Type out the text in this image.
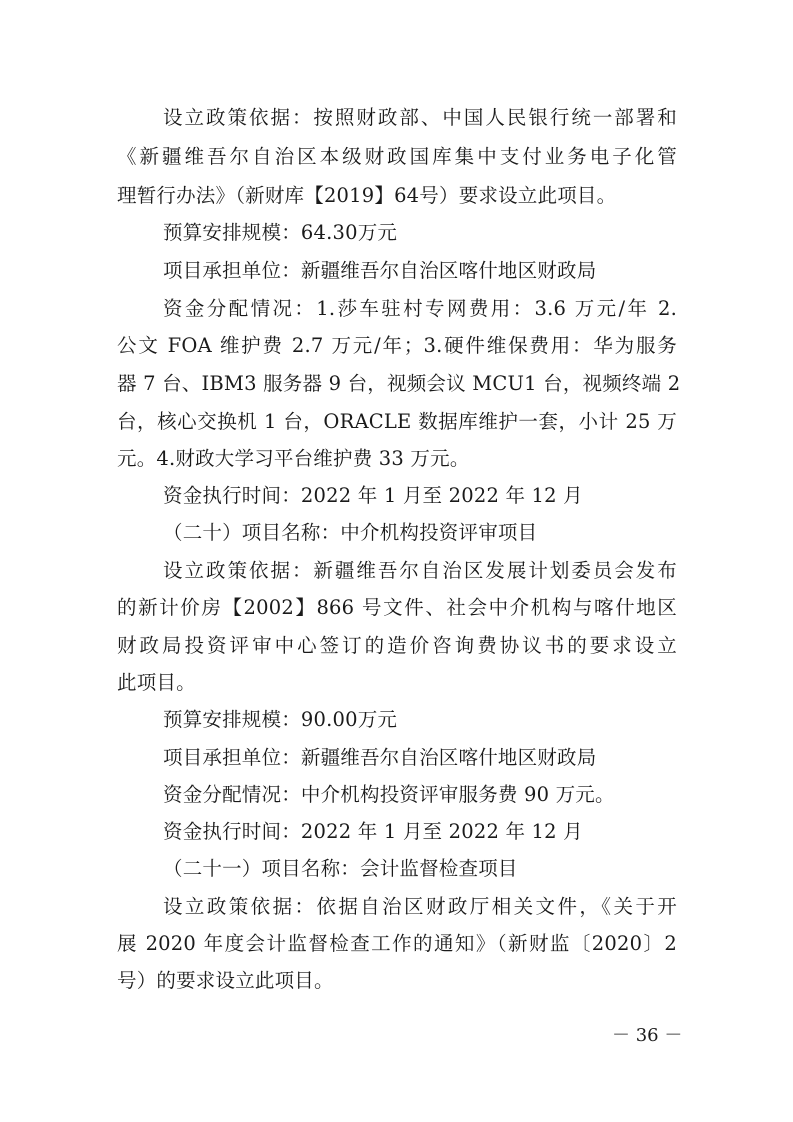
设立政策依据：按照财政部、中国人民银行统一部署和
《新疆维吾尔自治区本级财政国库集中支付业务电子化管
理暂行办法》（新财库【2019】64号）要求设立此项目。
预算安排规模：64.30万元
项目承担单位：新疆维吾尔自治区喀什地区财政局
资金分配情况：1.莎车驻村专网费用：3.6 万元/年 2.
公文 FOA 维护费 2.7 万元/年；3.硬件维保费用：华为服务
器 7 台、IBM3 服务器 9 台，视频会议 MCU1 台，视频终端 2
台，核心交换机 1 台，ORACLE 数据库维护一套，小计 25 万
元。4.财政大学习平台维护费 33 万元。
资金执行时间：2022 年 1 月至 2022 年 12 月
（二十）项目名称：中介机构投资评审项目
设立政策依据：新疆维吾尔自治区发展计划委员会发布
的新计价房【2002】866 号文件、社会中介机构与喀什地区
财政局投资评审中心签订的造价咨询费协议书的要求设立
此项目。
预算安排规模：90.00万元
项目承担单位：新疆维吾尔自治区喀什地区财政局
资金分配情况：中介机构投资评审服务费 90 万元。
资金执行时间：2022 年 1 月至 2022 年 12 月
（二十一）项目名称：会计监督检查项目
设立政策依据：依据自治区财政厅相关文件，《关于开
展 2020 年度会计监督检查工作的通知》（新财监〔2020〕2
号）的要求设立此项目。
－ 36 －
